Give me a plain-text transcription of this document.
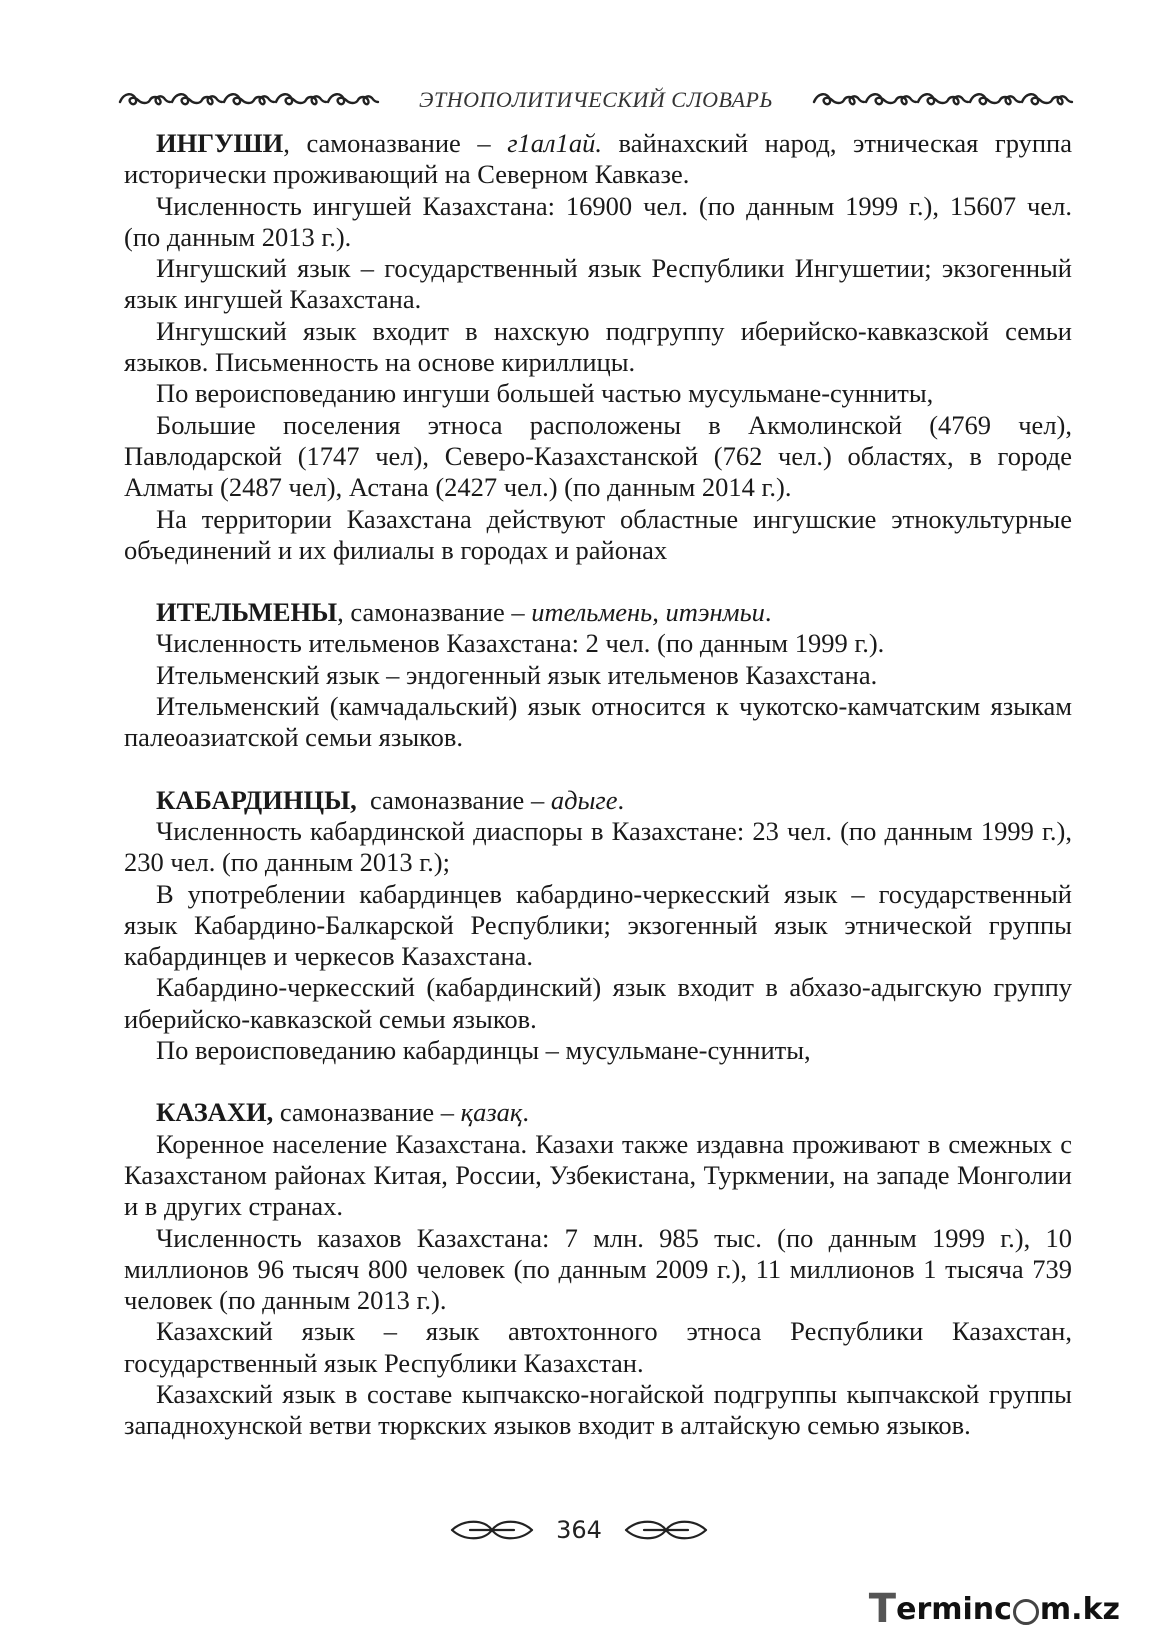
ЭТНОПОЛИТИЧЕСКИЙ СЛОВАРЬ

ИНГУШИ, самоназвание – г1ал1ай. вайнахский народ, этническая группа исторически проживающий на Северном Кавказе.

Численность ингушей Казахстана: 16900 чел. (по данным 1999 г.), 15607 чел. (по данным 2013 г.).

Ингушский язык – государственный язык Республики Ингушетии; экзогенный язык ингушей Казахстана.

Ингушский язык входит в нахскую подгруппу иберийско-кавказской семьи языков. Письменность на основе кириллицы.

По вероисповеданию ингуши большей частью мусульмане-сунниты,

Большие поселения этноса расположены в Акмолинской (4769 чел), Павлодарской (1747 чел), Северо-Казахстанской (762 чел.) областях, в городе Алматы (2487 чел), Астана (2427 чел.) (по данным 2014 г.).

На территории Казахстана действуют областные ингушские этнокультурные объединений и их филиалы в городах и районах

ИТЕЛЬМЕНЫ, самоназвание – ительмень, итэнмьи.

Численность ительменов Казахстана: 2 чел. (по данным 1999 г.).

Ительменский язык – эндогенный язык ительменов Казахстана.

Ительменский (камчадальский) язык относится к чукотско-камчатским языкам палеоазиатской семьи языков.

КАБАРДИНЦЫ,  самоназвание – адыге.

Численность кабардинской диаспоры в Казахстане: 23 чел. (по данным 1999 г.), 230 чел. (по данным 2013 г.);

В употреблении кабардинцев кабардино-черкесский язык – государственный язык Кабардино-Балкарской Республики; экзогенный язык этнической группы кабардинцев и черкесов Казахстана.

Кабардино-черкесский (кабардинский) язык входит в абхазо-адыгскую группу иберийско-кавказской семьи языков.

По вероисповеданию кабардинцы – мусульмане-сунниты,

КАЗАХИ, самоназвание – қазақ.

Коренное население Казахстана. Казахи также издавна проживают в смежных с Казахстаном районах Китая, России, Узбекистана, Туркмении, на западе Монголии и в других странах.

Численность казахов Казахстана: 7 млн. 985 тыс. (по данным 1999 г.), 10 миллионов 96 тысяч 800 человек (по данным 2009 г.), 11 миллионов 1 тысяча 739 человек (по данным 2013 г.).

Казахский язык – язык автохтонного этноса Республики Казахстан, государственный язык Республики Казахстан.

Казахский язык в составе кыпчакско-ногайской подгруппы кыпчакской группы западнохунской ветви тюркских языков входит в алтайскую семью языков.

364
T erminc m.kz
